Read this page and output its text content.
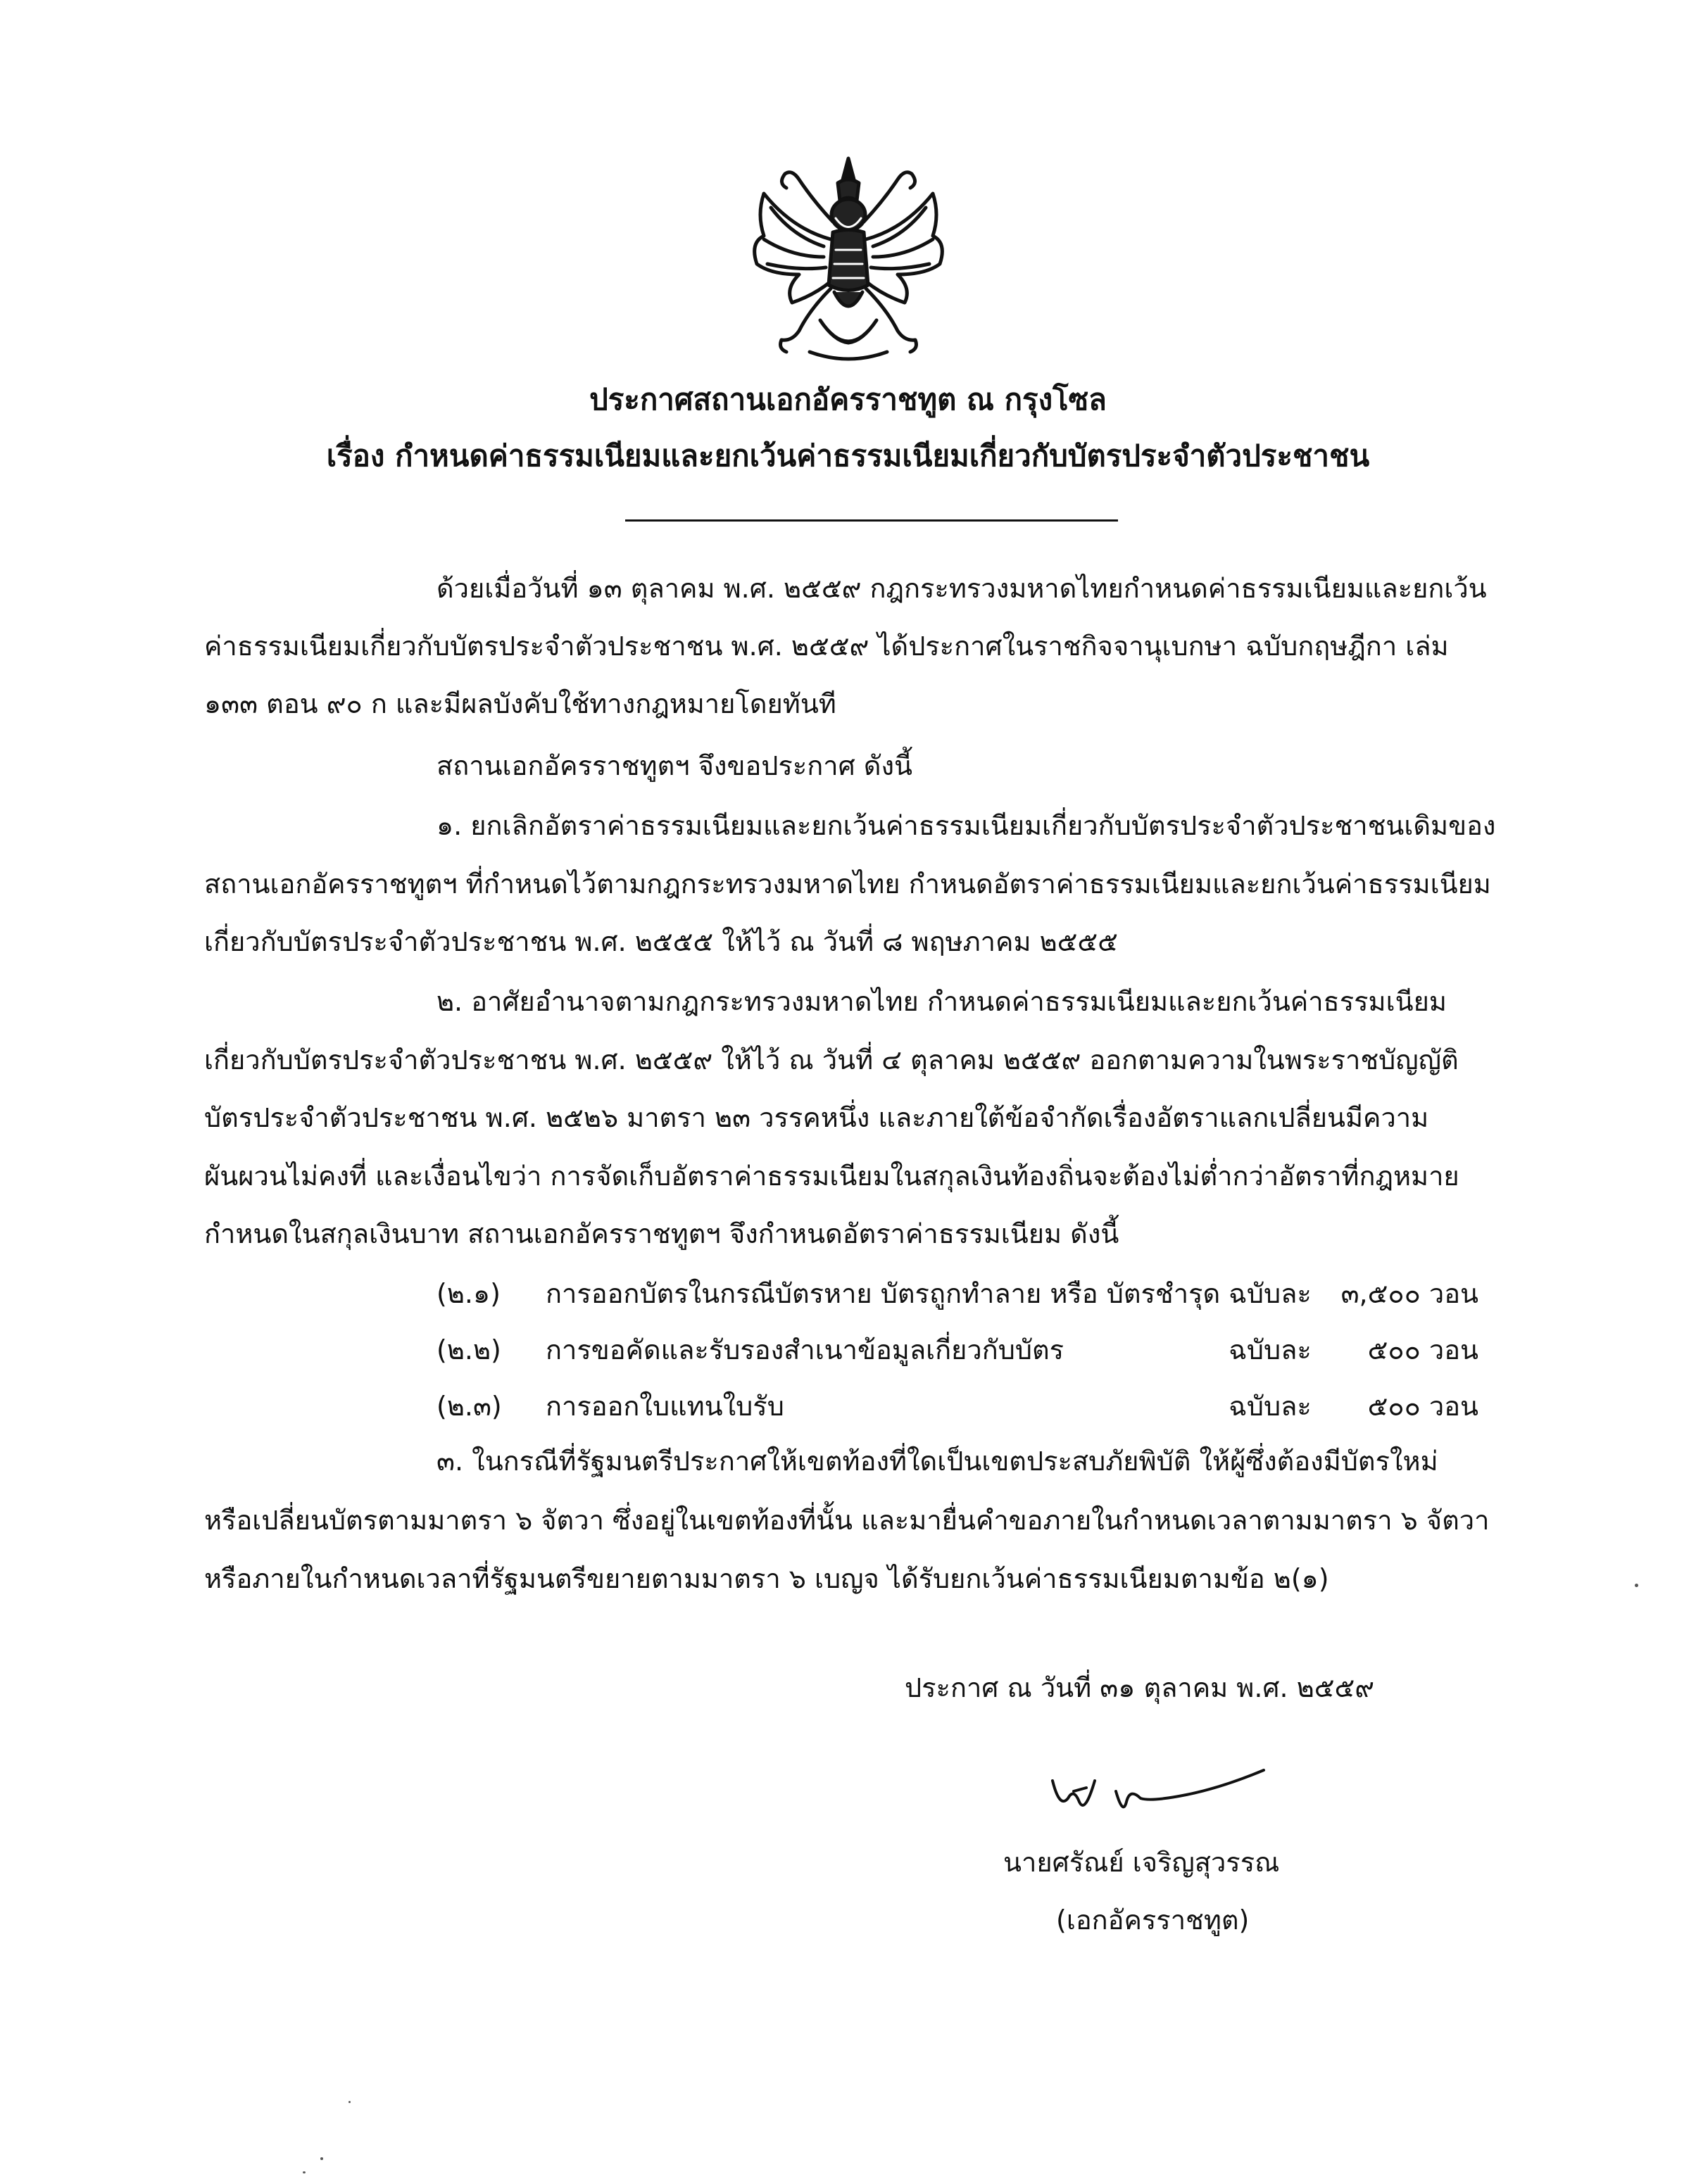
ประกาศสถานเอกอัครราชทูต ณ กรุงโซล
เรื่อง กำหนดค่าธรรมเนียมและยกเว้นค่าธรรมเนียมเกี่ยวกับบัตรประจำตัวประชาชน
ด้วยเมื่อวันที่ ๑๓ ตุลาคม พ.ศ. ๒๕๕๙ กฎกระทรวงมหาดไทยกำหนดค่าธรรมเนียมและยกเว้น
ค่าธรรมเนียมเกี่ยวกับบัตรประจำตัวประชาชน พ.ศ. ๒๕๕๙ ได้ประกาศในราชกิจจานุเบกษา ฉบับกฤษฎีกา เล่ม
๑๓๓ ตอน ๙๐ ก และมีผลบังคับใช้ทางกฎหมายโดยทันที
สถานเอกอัครราชทูตฯ จึงขอประกาศ ดังนี้
๑. ยกเลิกอัตราค่าธรรมเนียมและยกเว้นค่าธรรมเนียมเกี่ยวกับบัตรประจำตัวประชาชนเดิมของ
สถานเอกอัครราชทูตฯ ที่กำหนดไว้ตามกฎกระทรวงมหาดไทย กำหนดอัตราค่าธรรมเนียมและยกเว้นค่าธรรมเนียม
เกี่ยวกับบัตรประจำตัวประชาชน พ.ศ. ๒๕๕๕ ให้ไว้ ณ วันที่ ๘ พฤษภาคม ๒๕๕๕
๒. อาศัยอำนาจตามกฎกระทรวงมหาดไทย กำหนดค่าธรรมเนียมและยกเว้นค่าธรรมเนียม
เกี่ยวกับบัตรประจำตัวประชาชน พ.ศ. ๒๕๕๙ ให้ไว้ ณ วันที่ ๔ ตุลาคม ๒๕๕๙ ออกตามความในพระราชบัญญัติ
บัตรประจำตัวประชาชน พ.ศ. ๒๕๒๖ มาตรา ๒๓ วรรคหนึ่ง และภายใต้ข้อจำกัดเรื่องอัตราแลกเปลี่ยนมีความ
ผันผวนไม่คงที่ และเงื่อนไขว่า การจัดเก็บอัตราค่าธรรมเนียมในสกุลเงินท้องถิ่นจะต้องไม่ต่ำกว่าอัตราที่กฎหมาย
กำหนดในสกุลเงินบาท สถานเอกอัครราชทูตฯ จึงกำหนดอัตราค่าธรรมเนียม ดังนี้
(๒.๑) การออกบัตรในกรณีบัตรหาย บัตรถูกทำลาย หรือ บัตรชำรุด ฉบับละ ๓,๕๐๐ วอน
(๒.๒) การขอคัดและรับรองสำเนาข้อมูลเกี่ยวกับบัตร	ฉบับละ	๕๐๐ วอน
(๒.๓) การออกใบแทนใบรับ	ฉบับละ	๕๐๐ วอน
๓. ในกรณีที่รัฐมนตรีประกาศให้เขตท้องที่ใดเป็นเขตประสบภัยพิบัติ ให้ผู้ซึ่งต้องมีบัตรใหม่
หรือเปลี่ยนบัตรตามมาตรา ๖ จัตวา ซึ่งอยู่ในเขตท้องที่นั้น และมายื่นคำขอภายในกำหนดเวลาตามมาตรา ๖ จัตวา
หรือภายในกำหนดเวลาที่รัฐมนตรีขยายตามมาตรา ๖ เบญจ ได้รับยกเว้นค่าธรรมเนียมตามข้อ ๒(๑)
ประกาศ ณ วันที่ ๓๑ ตุลาคม พ.ศ. ๒๕๕๙
นายศรัณย์ เจริญสุวรรณ
(เอกอัครราชทูต)
